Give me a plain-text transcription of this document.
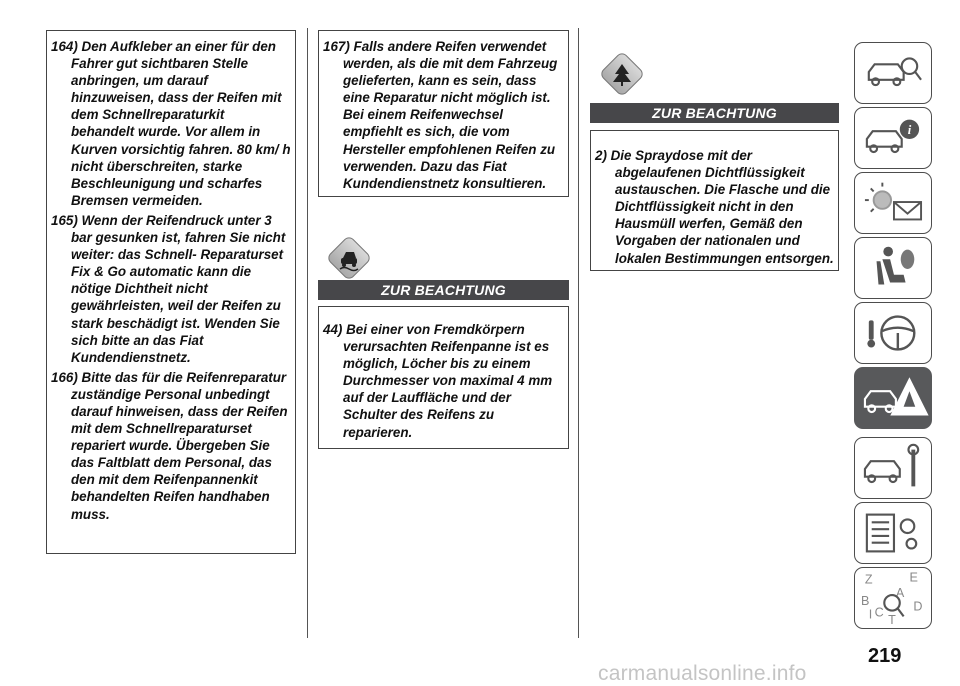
164) Den Aufkleber an einer für den Fahrer gut sichtbaren Stelle anbringen, um darauf hinzuweisen, dass der Reifen mit dem Schnellreparaturkit behandelt wurde. Vor allem in Kurven vorsichtig fahren. 80 km/ h nicht überschreiten, starke Beschleunigung und scharfes Bremsen vermeiden.

165) Wenn der Reifendruck unter 3 bar gesunken ist, fahren Sie nicht weiter: das Schnell- Reparaturset Fix & Go automatic kann die nötige Dichtheit nicht gewährleisten, weil der Reifen zu stark beschädigt ist. Wenden Sie sich bitte an das Fiat Kundendienstnetz.

166) Bitte das für die Reifenreparatur zuständige Personal unbedingt darauf hinweisen, dass der Reifen mit dem Schnellreparaturset repariert wurde. Übergeben Sie das Faltblatt dem Personal, das den mit dem Reifenpannenkit behandelten Reifen handhaben muss.

167) Falls andere Reifen verwendet werden, als die mit dem Fahrzeug gelieferten, kann es sein, dass eine Reparatur nicht möglich ist. Bei einem Reifenwechsel empfiehlt es sich, die vom Hersteller empfohlenen Reifen zu verwenden. Dazu das Fiat Kundendienstnetz konsultieren.

ZUR BEACHTUNG

44) Bei einer von Fremdkörpern verursachten Reifenpanne ist es möglich, Löcher bis zu einem Durchmesser von maximal 4 mm auf der Lauffläche und der Schulter des Reifens zu reparieren.

ZUR BEACHTUNG

2) Die Spraydose mit der abgelaufenen Dichtflüssigkeit austauschen. Die Flasche und die Dichtflüssigkeit nicht in den Hausmüll werfen, Gemäß den Vorgaben der nationalen und lokalen Bestimmungen entsorgen.

i
Z	E
A
B	D
C
T
I
219
carmanualsonline.info
